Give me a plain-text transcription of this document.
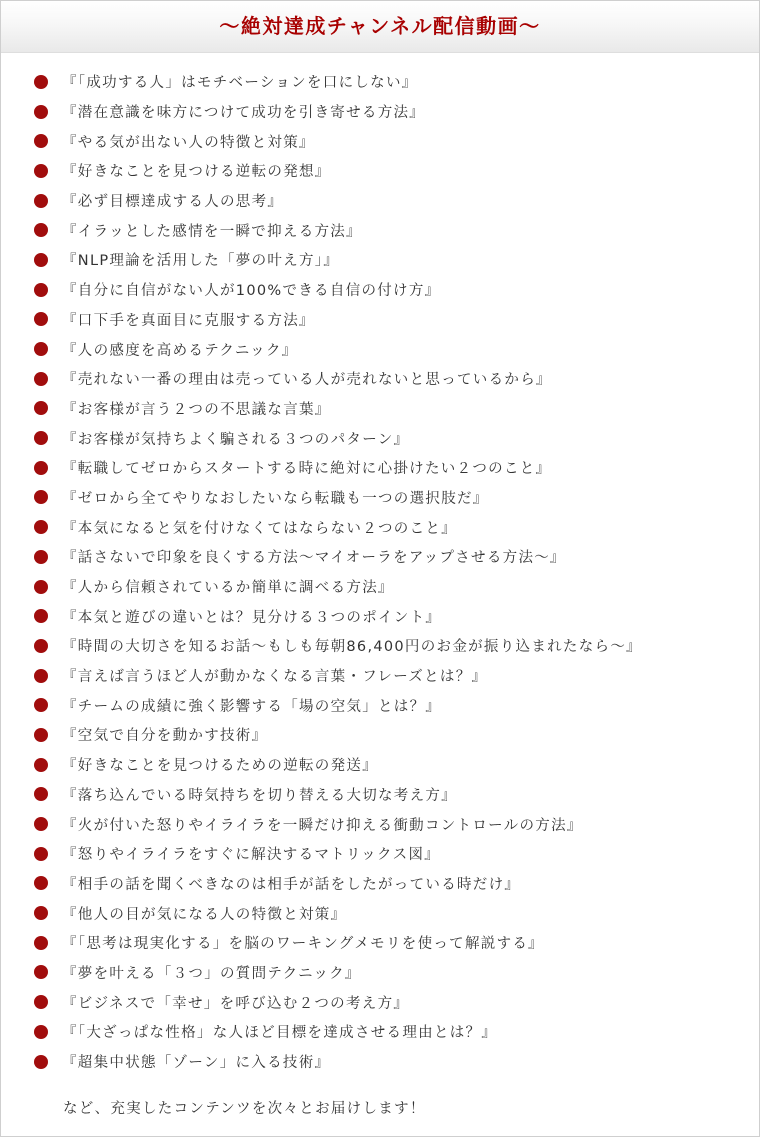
～絶対達成チャンネル配信動画～
『「成功する人」はモチベーションを口にしない』
『潜在意識を味方につけて成功を引き寄せる方法』
『やる気が出ない人の特徴と対策』
『好きなことを見つける逆転の発想』
『必ず目標達成する人の思考』
『イラッとした感情を一瞬で抑える方法』
『NLP理論を活用した「夢の叶え方」』
『自分に自信がない人が100%できる自信の付け方』
『口下手を真面目に克服する方法』
『人の感度を高めるテクニック』
『売れない一番の理由は売っている人が売れないと思っているから』
『お客様が言う２つの不思議な言葉』
『お客様が気持ちよく騙される３つのパターン』
『転職してゼロからスタートする時に絶対に心掛けたい２つのこと』
『ゼロから全てやりなおしたいなら転職も一つの選択肢だ』
『本気になると気を付けなくてはならない２つのこと』
『話さないで印象を良くする方法～マイオーラをアップさせる方法～』
『人から信頼されているか簡単に調べる方法』
『本気と遊びの違いとは？見分ける３つのポイント』
『時間の大切さを知るお話～もしも毎朝86,400円のお金が振り込まれたなら～』
『言えば言うほど人が動かなくなる言葉・フレーズとは？』
『チームの成績に強く影響する「場の空気」とは？』
『空気で自分を動かす技術』
『好きなことを見つけるための逆転の発送』
『落ち込んでいる時気持ちを切り替える大切な考え方』
『火が付いた怒りやイライラを一瞬だけ抑える衝動コントロールの方法』
『怒りやイライラをすぐに解決するマトリックス図』
『相手の話を聞くべきなのは相手が話をしたがっている時だけ』
『他人の目が気になる人の特徴と対策』
『「思考は現実化する」を脳のワーキングメモリを使って解説する』
『夢を叶える「３つ」の質問テクニック』
『ビジネスで「幸せ」を呼び込む２つの考え方』
『「大ざっぱな性格」な人ほど目標を達成させる理由とは？』
『超集中状態「ゾーン」に入る技術』
など、充実したコンテンツを次々とお届けします！
